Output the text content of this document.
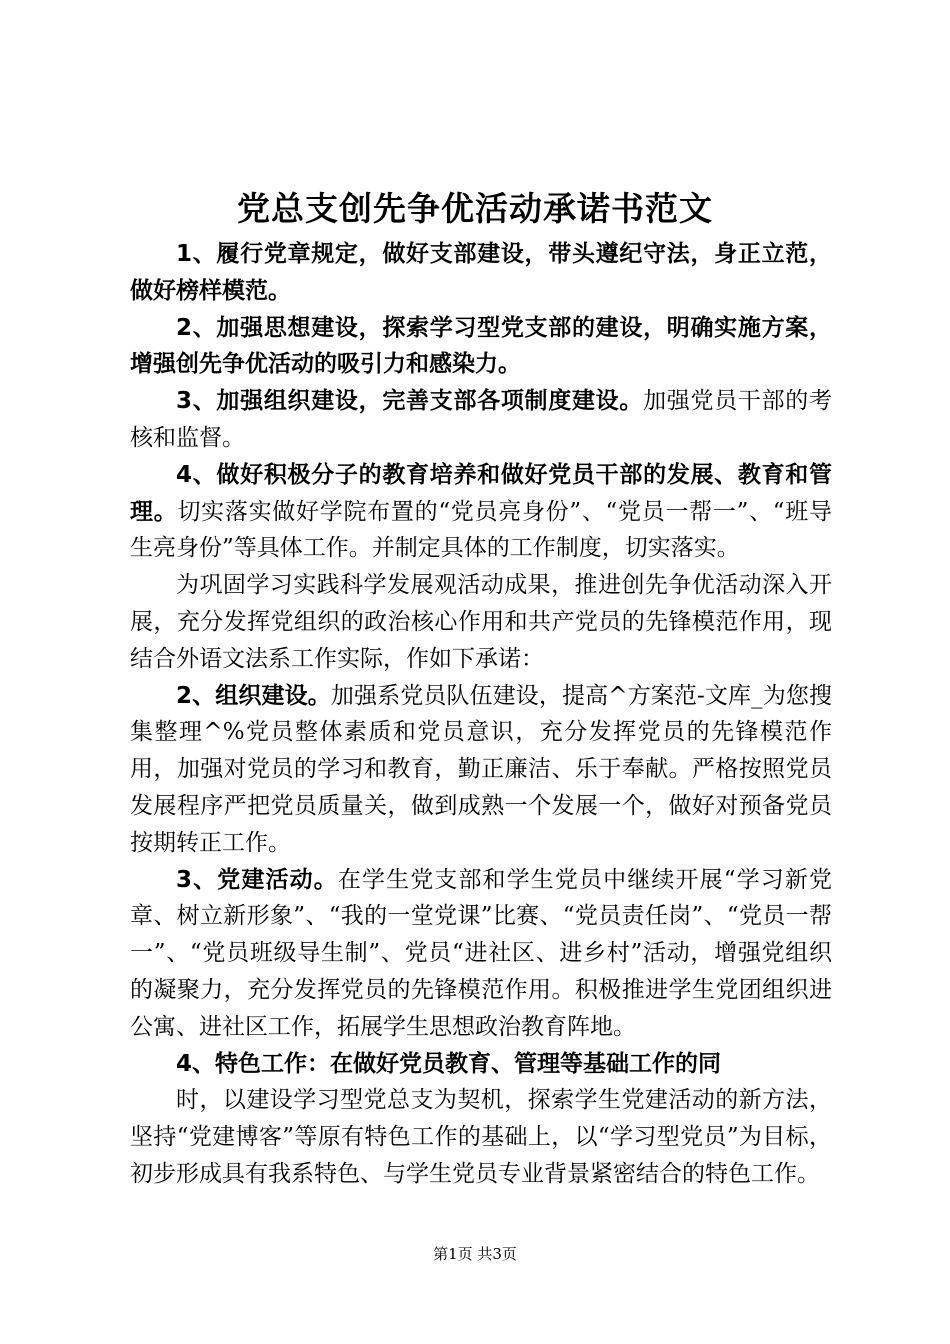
党总支创先争优活动承诺书范文

1、履行党章规定，做好支部建设，带头遵纪守法，身正立范，做好榜样模范。

2、加强思想建设，探索学习型党支部的建设，明确实施方案，增强创先争优活动的吸引力和感染力。

3、加强组织建设，完善支部各项制度建设。加强党员干部的考核和监督。

4、做好积极分子的教育培养和做好党员干部的发展、教育和管理。切实落实做好学院布置的“党员亮身份”、“党员一帮一”、“班导生亮身份”等具体工作。并制定具体的工作制度，切实落实。

为巩固学习实践科学发展观活动成果，推进创先争优活动深入开展，充分发挥党组织的政治核心作用和共产党员的先锋模范作用，现结合外语文法系工作实际，作如下承诺：

2、组织建设。加强系党员队伍建设，提高^方案范-文库_为您搜集整理^%党员整体素质和党员意识，充分发挥党员的先锋模范作用，加强对党员的学习和教育，勤正廉洁、乐于奉献。严格按照党员发展程序严把党员质量关，做到成熟一个发展一个，做好对预备党员按期转正工作。

3、党建活动。在学生党支部和学生党员中继续开展“学习新党章、树立新形象”、“我的一堂党课”比赛、“党员责任岗”、“党员一帮一”、“党员班级导生制”、党员“进社区、进乡村”活动，增强党组织的凝聚力，充分发挥党员的先锋模范作用。积极推进学生党团组织进公寓、进社区工作，拓展学生思想政治教育阵地。

4、特色工作：在做好党员教育、管理等基础工作的同

时，以建设学习型党总支为契机，探索学生党建活动的新方法，坚持“党建博客”等原有特色工作的基础上，以“学习型党员”为目标，初步形成具有我系特色、与学生党员专业背景紧密结合的特色工作。

第1页 共3页
